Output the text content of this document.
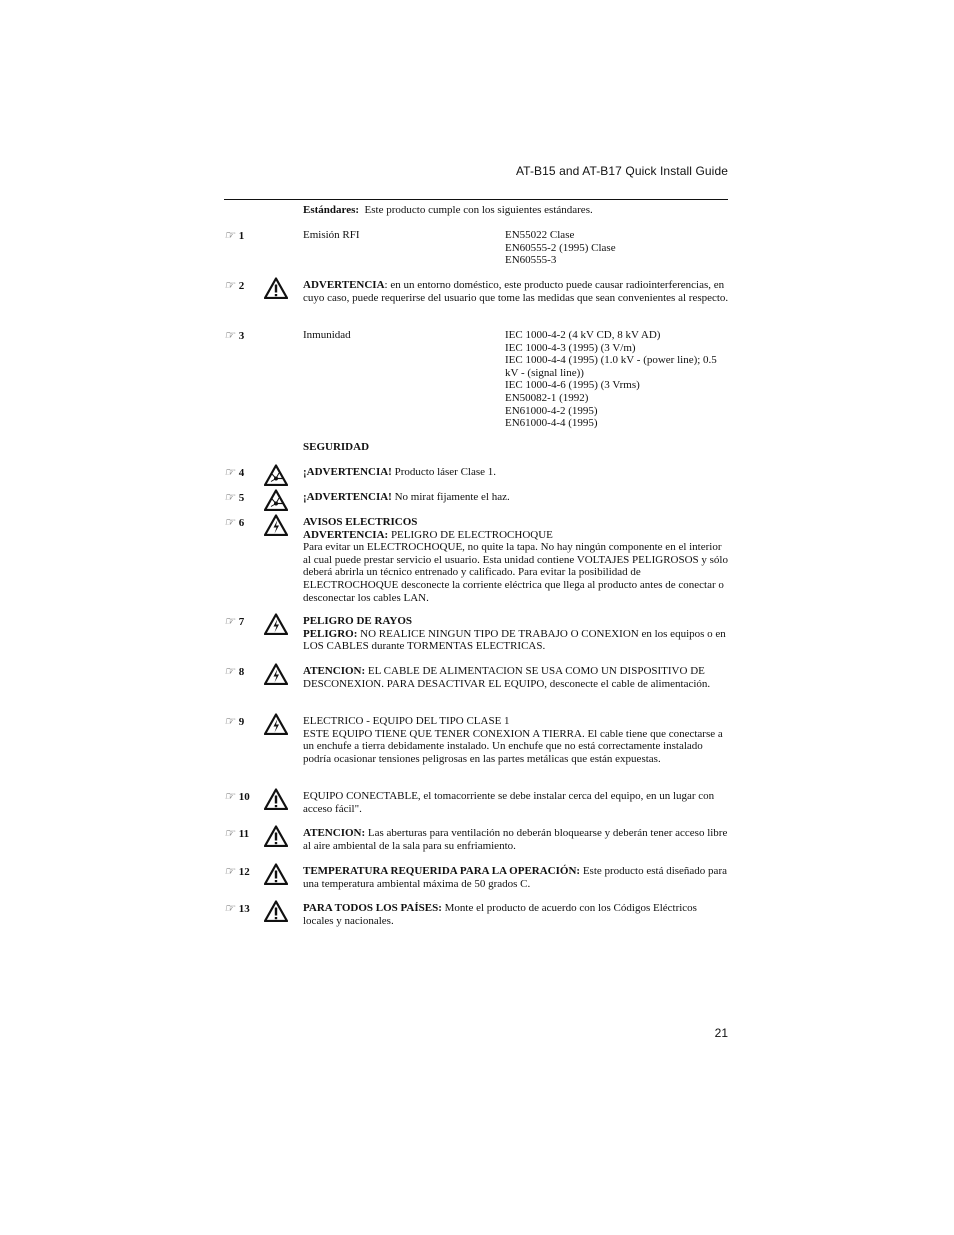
AT-B15 and AT-B17 Quick Install Guide
Estándares: Este producto cumple con los siguientes estándares.
☞ 1	Emisión RFI	EN55022 Clase
EN60555-2 (1995) Clase
EN60555-3
☞ 2	ADVERTENCIA: en un entorno doméstico, este producto puede causar radiointerferencias, en cuyo caso, puede requerirse del usuario que tome las medidas que sean convenientes al respecto.
☞ 3	Inmunidad	IEC 1000-4-2 (4 kV CD, 8 kV AD)
IEC 1000-4-3 (1995) (3 V/m)
IEC 1000-4-4 (1995) (1.0 kV - (power line); 0.5 kV - (signal line))
IEC 1000-4-6 (1995) (3 Vrms)
EN50082-1 (1992)
EN61000-4-2 (1995)
EN61000-4-4 (1995)
SEGURIDAD
☞ 4	¡ADVERTENCIA! Producto láser Clase 1.
☞ 5	¡ADVERTENCIA! No mirat fijamente el haz.
☞ 6	AVISOS ELECTRICOS
ADVERTENCIA: PELIGRO DE ELECTROCHOQUE
Para evitar un ELECTROCHOQUE, no quite la tapa. No hay ningún componente en el interior al cual puede prestar servicio el usuario. Esta unidad contiene VOLTAJES PELIGROSOS y sólo deberá abrirla un técnico entrenado y calificado. Para evitar la posibilidad de ELECTROCHOQUE desconecte la corriente eléctrica que llega al producto antes de conectar o desconectar los cables LAN.
☞ 7	PELIGRO DE RAYOS
PELIGRO: NO REALICE NINGUN TIPO DE TRABAJO O CONEXION en los equipos o en LOS CABLES durante TORMENTAS ELECTRICAS.
☞ 8	ATENCION: EL CABLE DE ALIMENTACION SE USA COMO UN DISPOSITIVO DE DESCONEXION. PARA DESACTIVAR EL EQUIPO, desconecte el cable de alimentación.
☞ 9	ELECTRICO - EQUIPO DEL TIPO CLASE 1
ESTE EQUIPO TIENE QUE TENER CONEXION A TIERRA. El cable tiene que conectarse a un enchufe a tierra debidamente instalado. Un enchufe que no está correctamente instalado podría ocasionar tensiones peligrosas en las partes metálicas que están expuestas.
☞ 10	EQUIPO CONECTABLE, el tomacorriente se debe instalar cerca del equipo, en un lugar con acceso fácil".
☞ 11	ATENCION: Las aberturas para ventilación no deberán bloquearse y deberán tener acceso libre al aire ambiental de la sala para su enfriamiento.
☞ 12	TEMPERATURA REQUERIDA PARA LA OPERACIÓN: Este producto está diseñado para una temperatura ambiental máxima de 50 grados C.
☞ 13	PARA TODOS LOS PAÍSES: Monte el producto de acuerdo con los Códigos Eléctricos locales y nacionales.
21
